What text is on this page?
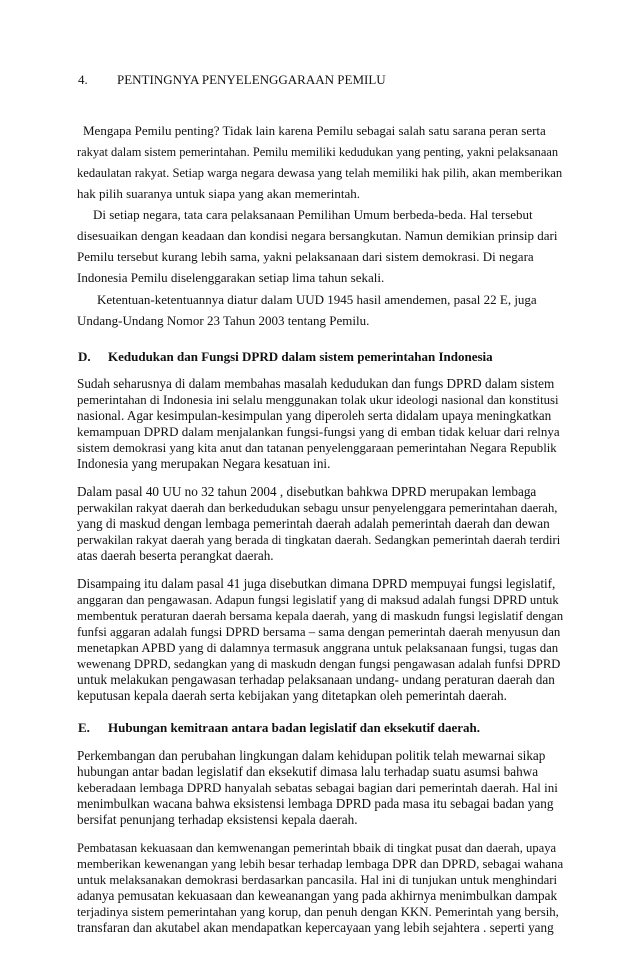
4. PENTINGNYA PENYELENGGARAAN PEMILU
Mengapa Pemilu penting? Tidak lain karena Pemilu sebagai salah satu sarana peran serta
rakyat dalam sistem pemerintahan. Pemilu memiliki kedudukan yang penting, yakni pelaksanaan
kedaulatan rakyat. Setiap warga negara dewasa yang telah memiliki hak pilih, akan memberikan
hak pilih suaranya untuk siapa yang akan memerintah.
Di setiap negara, tata cara pelaksanaan Pemilihan Umum berbeda-beda. Hal tersebut
disesuaikan dengan keadaan dan kondisi negara bersangkutan. Namun demikian prinsip dari
Pemilu tersebut kurang lebih sama, yakni pelaksanaan dari sistem demokrasi. Di negara
Indonesia Pemilu diselenggarakan setiap lima tahun sekali.
Ketentuan-ketentuannya diatur dalam UUD 1945 hasil amendemen, pasal 22 E, juga
Undang-Undang Nomor 23 Tahun 2003 tentang Pemilu.
D. Kedudukan dan Fungsi DPRD dalam sistem pemerintahan Indonesia
Sudah seharusnya di dalam membahas masalah kedudukan dan fungs DPRD dalam sistem
pemerintahan di Indonesia ini selalu menggunakan tolak ukur ideologi nasional dan konstitusi
nasional. Agar kesimpulan-kesimpulan yang diperoleh serta didalam upaya meningkatkan
kemampuan DPRD dalam menjalankan fungsi-fungsi yang di emban tidak keluar dari relnya
sistem demokrasi yang kita anut dan tatanan penyelenggaraan pemerintahan Negara Republik
Indonesia yang merupakan Negara kesatuan ini.
Dalam pasal 40 UU no 32 tahun 2004 , disebutkan bahkwa DPRD merupakan lembaga
perwakilan rakyat daerah dan berkedudukan sebagu unsur penyelenggara pemerintahan daerah,
yang di maskud dengan lembaga pemerintah daerah adalah pemerintah daerah dan dewan
perwakilan rakyat daerah yang berada di tingkatan daerah. Sedangkan pemerintah daerah terdiri
atas daerah beserta perangkat daerah.
Disampaing itu dalam pasal 41 juga disebutkan dimana DPRD mempuyai fungsi legislatif,
anggaran dan pengawasan. Adapun fungsi legislatif yang di maksud adalah fungsi DPRD untuk
membentuk peraturan daerah bersama kepala daerah, yang di maskudn fungsi legislatif dengan
funfsi aggaran adalah fungsi DPRD bersama – sama dengan pemerintah daerah menyusun dan
menetapkan APBD yang di dalamnya termasuk anggrana untuk pelaksanaan fungsi, tugas dan
wewenang DPRD, sedangkan yang di maskudn dengan fungsi pengawasan adalah funfsi DPRD
untuk melakukan pengawasan terhadap pelaksanaan undang- undang peraturan daerah dan
keputusan kepala daerah serta kebijakan yang ditetapkan oleh pemerintah daerah.
E. Hubungan kemitraan antara badan legislatif dan eksekutif daerah.
Perkembangan dan perubahan lingkungan dalam kehidupan politik telah mewarnai sikap
hubungan antar badan legislatif dan eksekutif dimasa lalu terhadap suatu asumsi bahwa
keberadaan lembaga DPRD hanyalah sebatas sebagai bagian dari pemerintah daerah. Hal ini
menimbulkan wacana bahwa eksistensi lembaga DPRD pada masa itu sebagai badan yang
bersifat penunjang terhadap eksistensi kepala daerah.
Pembatasan kekuasaan dan kemwenangan pemerintah bbaik di tingkat pusat dan daerah, upaya
memberikan kewenangan yang lebih besar terhadap lembaga DPR dan DPRD, sebagai wahana
untuk melaksanakan demokrasi berdasarkan pancasila. Hal ini di tunjukan untuk menghindari
adanya pemusatan kekuasaan dan keweanangan yang pada akhirnya menimbulkan dampak
terjadinya sistem pemerintahan yang korup, dan penuh dengan KKN. Pemerintah yang bersih,
transfaran dan akutabel akan mendapatkan kepercayaan yang lebih sejahtera . seperti yang
